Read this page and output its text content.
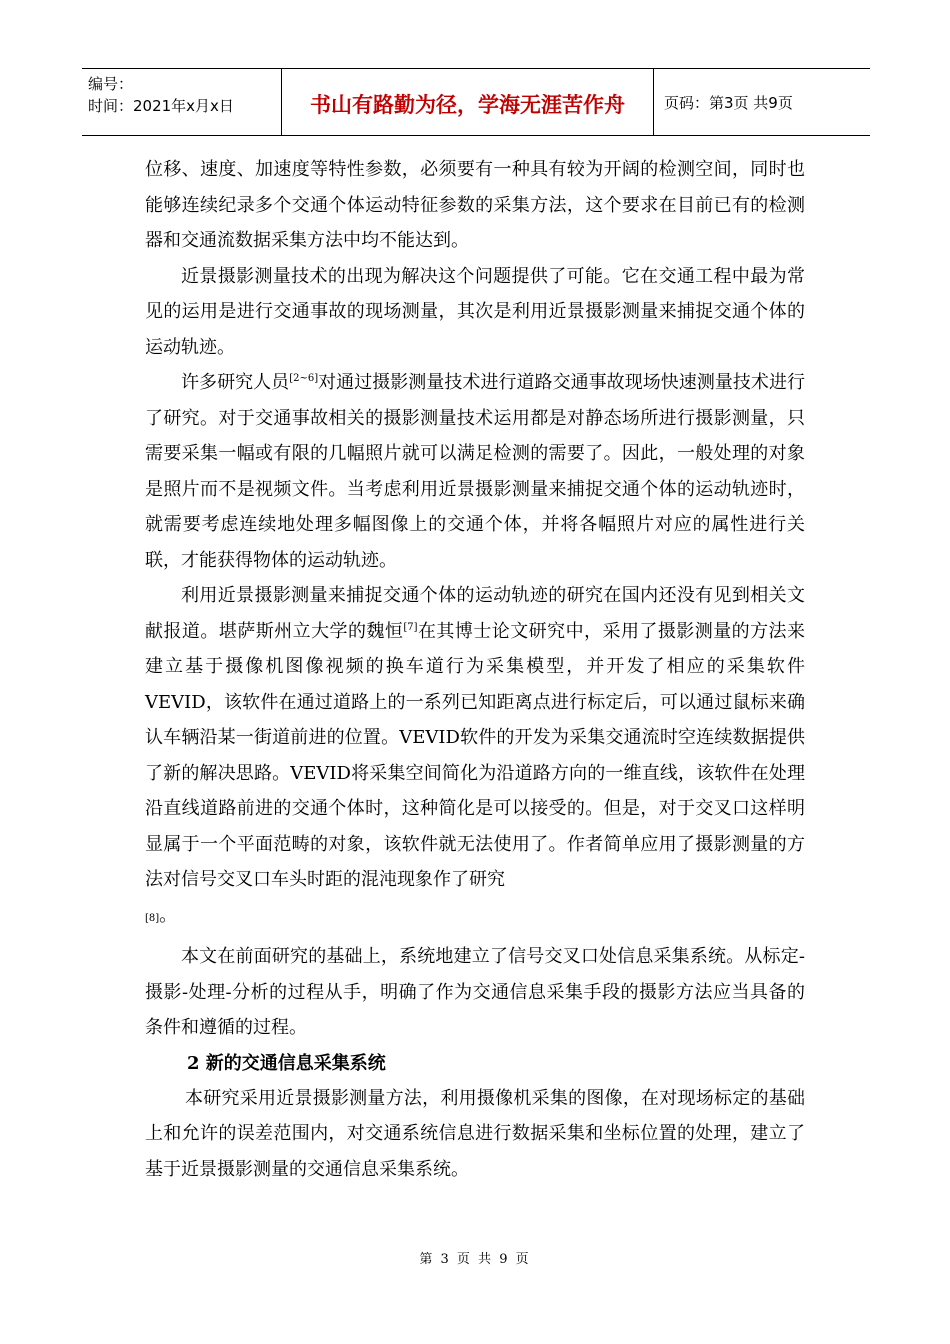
编号：
时间：2021年x月x日	书山有路勤为径，学海无涯苦作舟	页码：第3页 共9页

位移、速度、加速度等特性参数，必须要有一种具有较为开阔的检测空间，同时也能够连续纪录多个交通个体运动特征参数的采集方法，这个要求在目前已有的检测器和交通流数据采集方法中均不能达到。

近景摄影测量技术的出现为解决这个问题提供了可能。它在交通工程中最为常见的运用是进行交通事故的现场测量，其次是利用近景摄影测量来捕捉交通个体的运动轨迹。

许多研究人员[2~6]对通过摄影测量技术进行道路交通事故现场快速测量技术进行了研究。对于交通事故相关的摄影测量技术运用都是对静态场所进行摄影测量，只需要采集一幅或有限的几幅照片就可以满足检测的需要了。因此，一般处理的对象是照片而不是视频文件。当考虑利用近景摄影测量来捕捉交通个体的运动轨迹时，就需要考虑连续地处理多幅图像上的交通个体，并将各幅照片对应的属性进行关联，才能获得物体的运动轨迹。

利用近景摄影测量来捕捉交通个体的运动轨迹的研究在国内还没有见到相关文献报道。堪萨斯州立大学的魏恒[7]在其博士论文研究中，采用了摄影测量的方法来建立基于摄像机图像视频的换车道行为采集模型，并开发了相应的采集软件VEVID，该软件在通过道路上的一系列已知距离点进行标定后，可以通过鼠标来确认车辆沿某一街道前进的位置。VEVID软件的开发为采集交通流时空连续数据提供了新的解决思路。VEVID将采集空间简化为沿道路方向的一维直线，该软件在处理沿直线道路前进的交通个体时，这种简化是可以接受的。但是，对于交叉口这样明显属于一个平面范畴的对象，该软件就无法使用了。作者简单应用了摄影测量的方法对信号交叉口车头时距的混沌现象作了研究

[8]。

本文在前面研究的基础上，系统地建立了信号交叉口处信息采集系统。从标定-摄影-处理-分析的过程从手，明确了作为交通信息采集手段的摄影方法应当具备的条件和遵循的过程。

2 新的交通信息采集系统

本研究采用近景摄影测量方法，利用摄像机采集的图像，在对现场标定的基础上和允许的误差范围内，对交通系统信息进行数据采集和坐标位置的处理，建立了基于近景摄影测量的交通信息采集系统。

第 3 页 共 9 页
